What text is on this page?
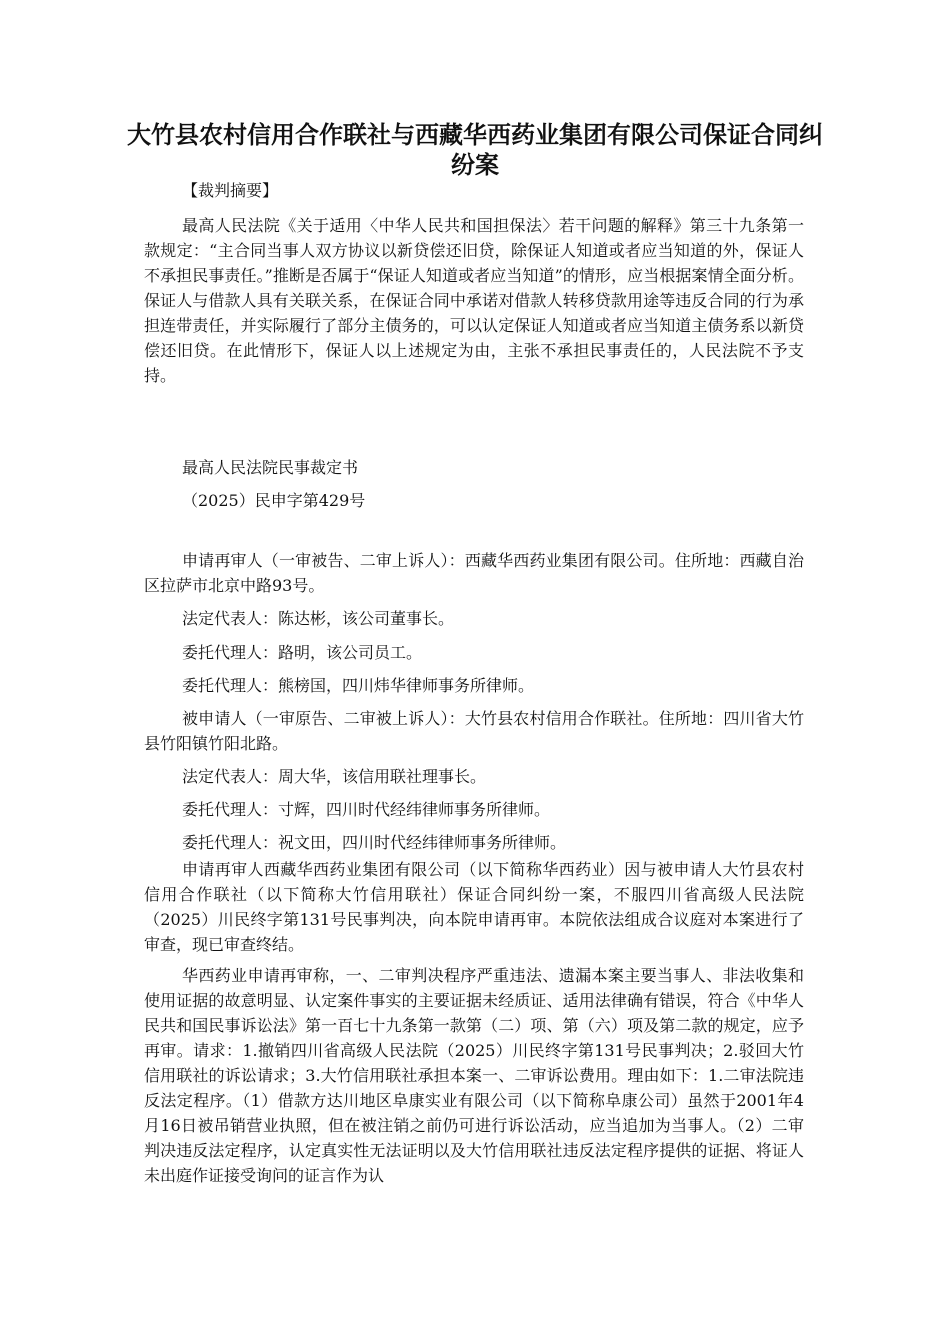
大竹县农村信用合作联社与西藏华西药业集团有限公司保证合同纠纷案

【裁判摘要】

最高人民法院《关于适用〈中华人民共和国担保法〉若干问题的解释》第三十九条第一款规定：“主合同当事人双方协议以新贷偿还旧贷，除保证人知道或者应当知道的外，保证人不承担民事责任。”推断是否属于“保证人知道或者应当知道”的情形，应当根据案情全面分析。保证人与借款人具有关联关系，在保证合同中承诺对借款人转移贷款用途等违反合同的行为承担连带责任，并实际履行了部分主债务的，可以认定保证人知道或者应当知道主债务系以新贷偿还旧贷。在此情形下，保证人以上述规定为由，主张不承担民事责任的，人民法院不予支持。

最高人民法院民事裁定书

（2025）民申字第429号

申请再审人（一审被告、二审上诉人）：西藏华西药业集团有限公司。住所地：西藏自治区拉萨市北京中路93号。

法定代表人：陈达彬，该公司董事长。

委托代理人：路明，该公司员工。

委托代理人：熊榜国，四川炜华律师事务所律师。

被申请人（一审原告、二审被上诉人）：大竹县农村信用合作联社。住所地：四川省大竹县竹阳镇竹阳北路。

法定代表人：周大华，该信用联社理事长。

委托代理人：寸辉，四川时代经纬律师事务所律师。

委托代理人：祝文田，四川时代经纬律师事务所律师。

申请再审人西藏华西药业集团有限公司（以下简称华西药业）因与被申请人大竹县农村信用合作联社（以下简称大竹信用联社）保证合同纠纷一案，不服四川省高级人民法院（2025）川民终字第131号民事判决，向本院申请再审。本院依法组成合议庭对本案进行了审查，现已审查终结。

华西药业申请再审称，一、二审判决程序严重违法、遗漏本案主要当事人、非法收集和使用证据的故意明显、认定案件事实的主要证据未经质证、适用法律确有错误，符合《中华人民共和国民事诉讼法》第一百七十九条第一款第（二）项、第（六）项及第二款的规定，应予再审。请求：1.撤销四川省高级人民法院（2025）川民终字第131号民事判决；2.驳回大竹信用联社的诉讼请求；3.大竹信用联社承担本案一、二审诉讼费用。理由如下：1.二审法院违反法定程序。（1）借款方达川地区阜康实业有限公司（以下简称阜康公司）虽然于2001年4月16日被吊销营业执照，但在被注销之前仍可进行诉讼活动，应当追加为当事人。（2）二审判决违反法定程序，认定真实性无法证明以及大竹信用联社违反法定程序提供的证据、将证人未出庭作证接受询问的证言作为认
